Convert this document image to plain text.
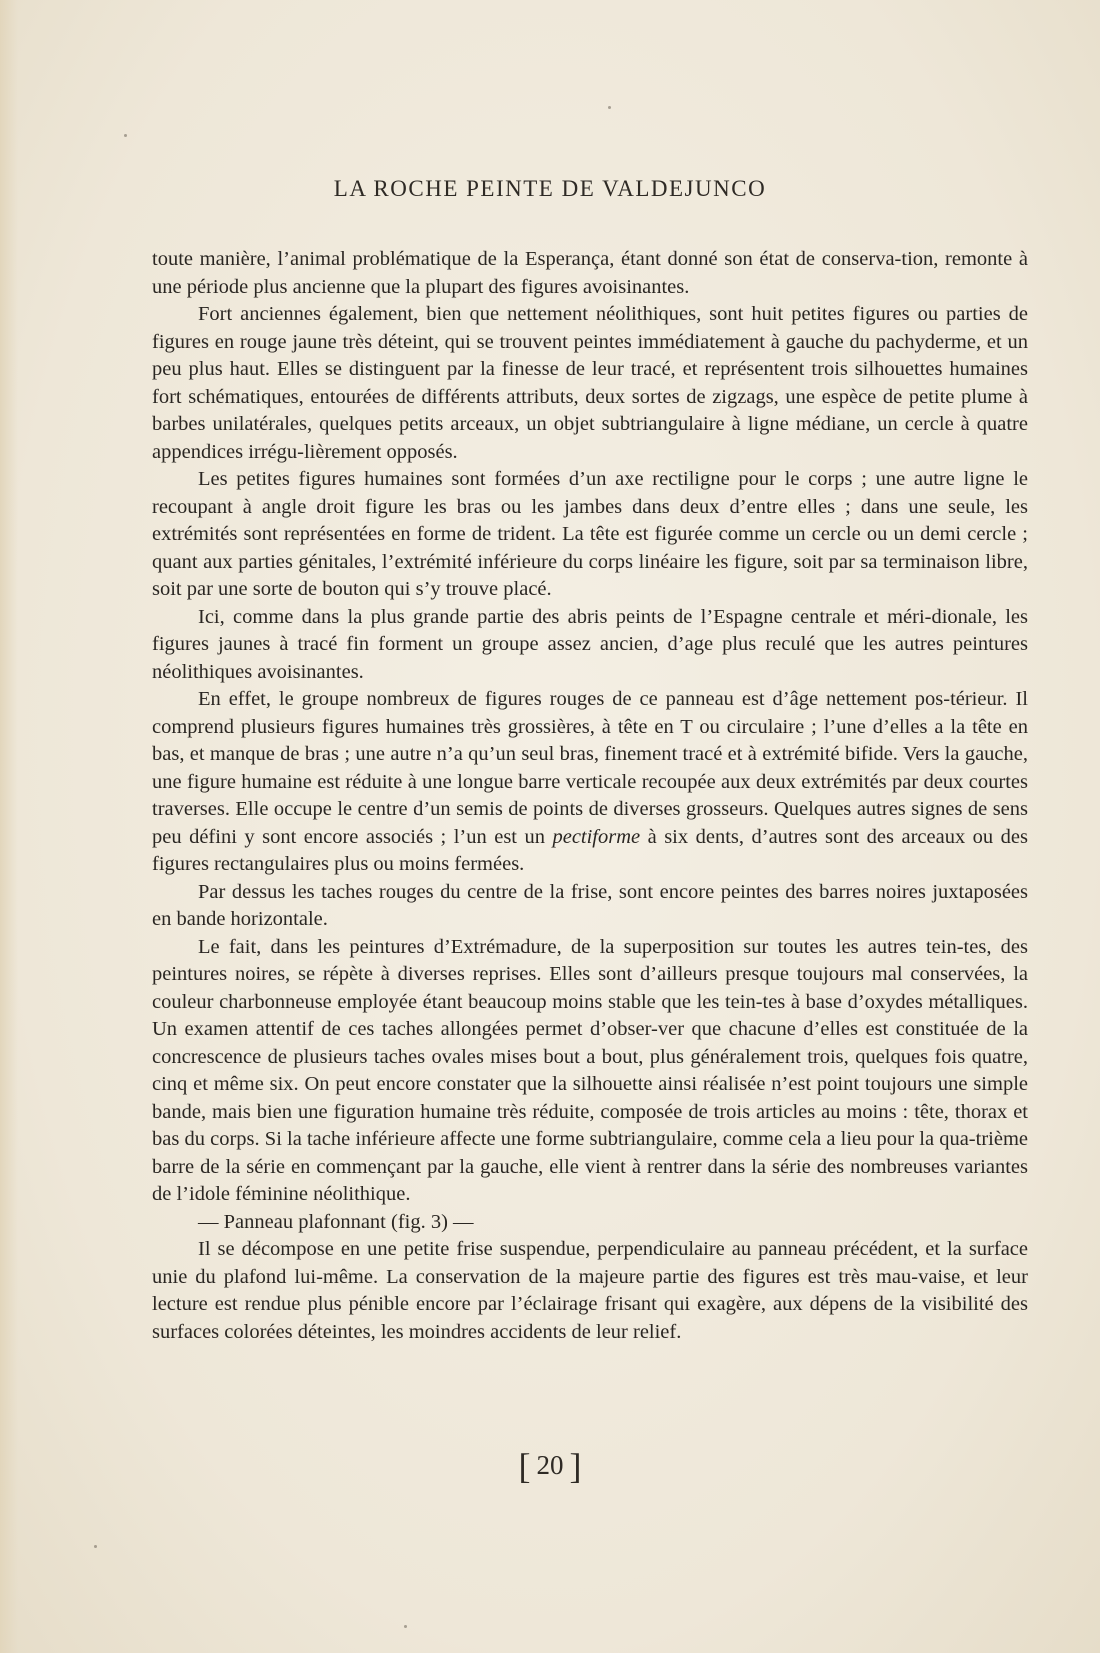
LA ROCHE PEINTE DE VALDEJUNCO

toute manière, l’animal problématique de la Esperança, étant donné son état de conserva-tion, remonte à une période plus ancienne que la plupart des figures avoisinantes.

Fort anciennes également, bien que nettement néolithiques, sont huit petites figures ou parties de figures en rouge jaune très déteint, qui se trouvent peintes immédiatement à gauche du pachyderme, et un peu plus haut. Elles se distinguent par la finesse de leur tracé, et représentent trois silhouettes humaines fort schématiques, entourées de différents attributs, deux sortes de zigzags, une espèce de petite plume à barbes unilatérales, quelques petits arceaux, un objet subtriangulaire à ligne médiane, un cercle à quatre appendices irrégu-lièrement opposés.

Les petites figures humaines sont formées d’un axe rectiligne pour le corps ; une autre ligne le recoupant à angle droit figure les bras ou les jambes dans deux d’entre elles ; dans une seule, les extrémités sont représentées en forme de trident. La tête est figurée comme un cercle ou un demi cercle ; quant aux parties génitales, l’extrémité inférieure du corps linéaire les figure, soit par sa terminaison libre, soit par une sorte de bouton qui s’y trouve placé.

Ici, comme dans la plus grande partie des abris peints de l’Espagne centrale et méri-dionale, les figures jaunes à tracé fin forment un groupe assez ancien, d’age plus reculé que les autres peintures néolithiques avoisinantes.

En effet, le groupe nombreux de figures rouges de ce panneau est d’âge nettement pos-térieur. Il comprend plusieurs figures humaines très grossières, à tête en T ou circulaire ; l’une d’elles a la tête en bas, et manque de bras ; une autre n’a qu’un seul bras, finement tracé et à extrémité bifide. Vers la gauche, une figure humaine est réduite à une longue barre verticale recoupée aux deux extrémités par deux courtes traverses. Elle occupe le centre d’un semis de points de diverses grosseurs. Quelques autres signes de sens peu défini y sont encore associés ; l’un est un pectiforme à six dents, d’autres sont des arceaux ou des figures rectangulaires plus ou moins fermées.

Par dessus les taches rouges du centre de la frise, sont encore peintes des barres noires juxtaposées en bande horizontale.

Le fait, dans les peintures d’Extrémadure, de la superposition sur toutes les autres tein-tes, des peintures noires, se répète à diverses reprises. Elles sont d’ailleurs presque toujours mal conservées, la couleur charbonneuse employée étant beaucoup moins stable que les tein-tes à base d’oxydes métalliques. Un examen attentif de ces taches allongées permet d’obser-ver que chacune d’elles est constituée de la concrescence de plusieurs taches ovales mises bout a bout, plus généralement trois, quelques fois quatre, cinq et même six. On peut encore constater que la silhouette ainsi réalisée n’est point toujours une simple bande, mais bien une figuration humaine très réduite, composée de trois articles au moins : tête, thorax et bas du corps. Si la tache inférieure affecte une forme subtriangulaire, comme cela a lieu pour la qua-trième barre de la série en commençant par la gauche, elle vient à rentrer dans la série des nombreuses variantes de l’idole féminine néolithique.

— Panneau plafonnant (fig. 3) —

Il se décompose en une petite frise suspendue, perpendiculaire au panneau précédent, et la surface unie du plafond lui-même. La conservation de la majeure partie des figures est très mau-vaise, et leur lecture est rendue plus pénible encore par l’éclairage frisant qui exagère, aux dépens de la visibilité des surfaces colorées déteintes, les moindres accidents de leur relief.

[ 20 ]
